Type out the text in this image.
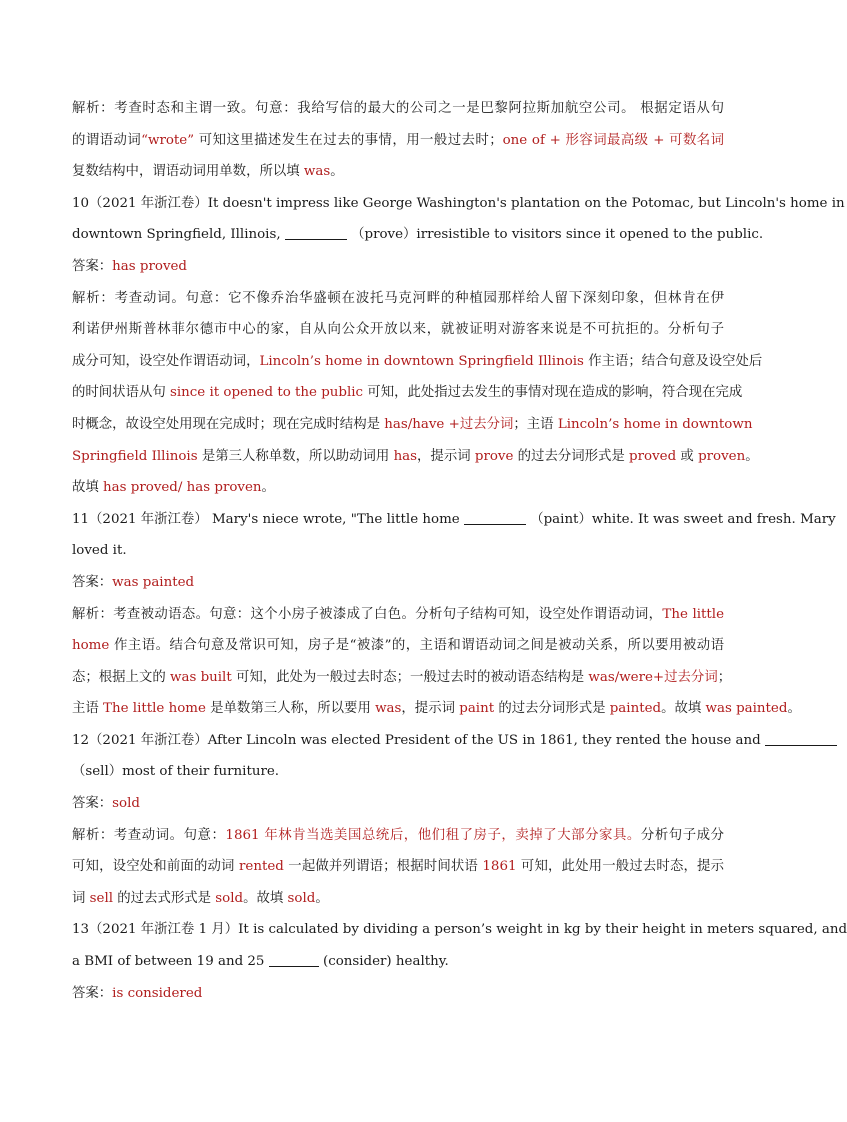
解析：考查时态和主谓一致。句意：我给写信的最大的公司之一是巴黎阿拉斯加航空公司。 根据定语从句
的谓语动词“wrote” 可知这里描述发生在过去的事情，用一般过去时；one of + 形容词最高级 + 可数名词
复数结构中，谓语动词用单数，所以填 was。
10（2021 年浙江卷）It doesn't impress like George Washington's plantation on the Potomac, but Lincoln's home in
downtown Springfield, Illinois,	（prove）irresistible to visitors since it opened to the public.
答案：has proved
解析：考查动词。句意：它不像乔治华盛顿在波托马克河畔的种植园那样给人留下深刻印象，但林肯在伊
利诺伊州斯普林菲尔德市中心的家，自从向公众开放以来，就被证明对游客来说是不可抗拒的。分析句子
成分可知，设空处作谓语动词，Lincoln’s home in downtown Springfield Illinois 作主语；结合句意及设空处后
的时间状语从句 since it opened to the public 可知，此处指过去发生的事情对现在造成的影响，符合现在完成
时概念，故设空处用现在完成时；现在完成时结构是 has/have +过去分词；主语 Lincoln’s home in downtown
Springfield Illinois 是第三人称单数，所以助动词用 has，提示词 prove 的过去分词形式是 proved 或 proven。
故填 has proved/ has proven。
11（2021 年浙江卷） Mary's niece wrote, "The little home	（paint）white. It was sweet and fresh. Mary
loved it.
答案：was painted
解析：考查被动语态。句意：这个小房子被漆成了白色。分析句子结构可知，设空处作谓语动词，The little
home 作主语。结合句意及常识可知，房子是“被漆”的，主语和谓语动词之间是被动关系，所以要用被动语
态；根据上文的 was built 可知，此处为一般过去时态；一般过去时的被动语态结构是 was/were+过去分词；
主语 The little home 是单数第三人称，所以要用 was，提示词 paint 的过去分词形式是 painted。故填 was painted。
12（2021 年浙江卷）After Lincoln was elected President of the US in 1861, they rented the house and
（sell）most of their furniture.
答案：sold
解析：考查动词。句意：1861 年林肯当选美国总统后，他们租了房子，卖掉了大部分家具。分析句子成分
可知，设空处和前面的动词 rented 一起做并列谓语；根据时间状语 1861 可知，此处用一般过去时态，提示
词 sell 的过去式形式是 sold。故填 sold。
13（2021 年浙江卷 1 月）It is calculated by dividing a person’s weight in kg by their height in meters squared, and
a BMI of between 19 and 25	(consider) healthy.
答案：is considered
